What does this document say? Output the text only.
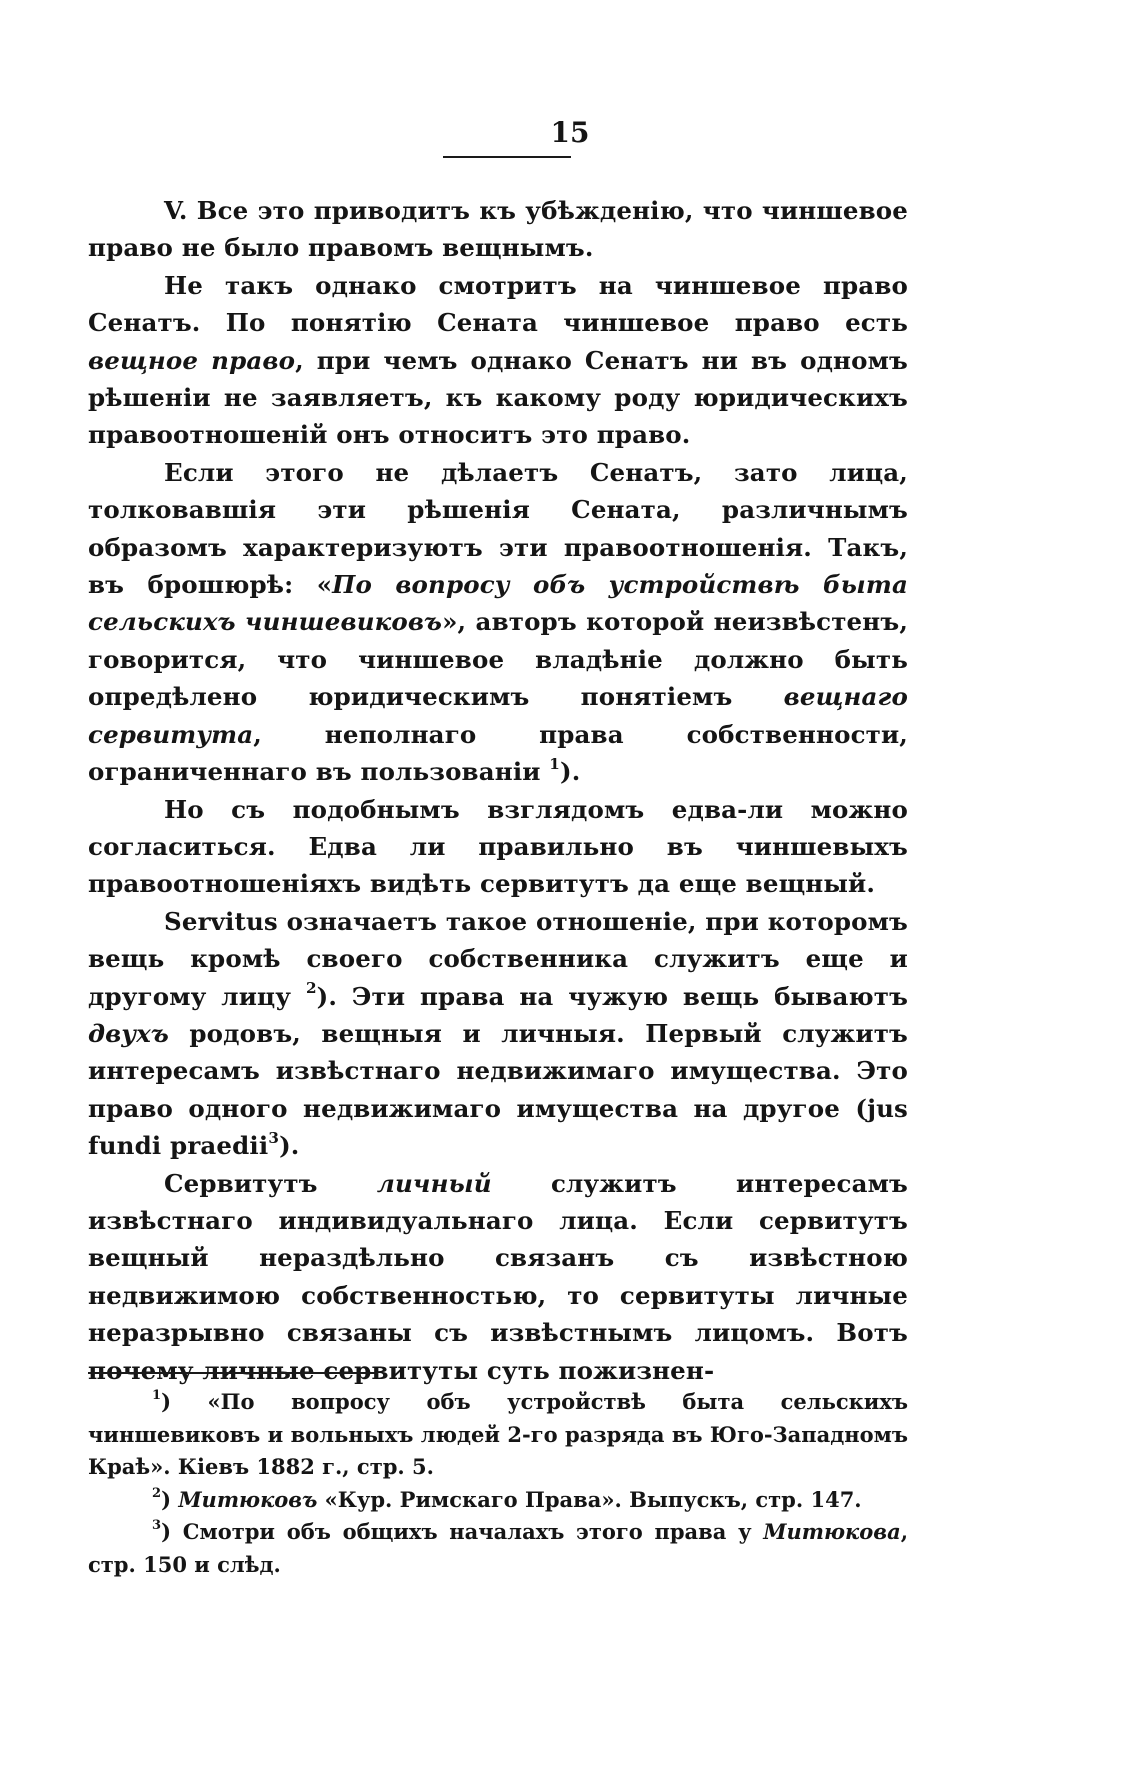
15

V. Все это приводитъ къ убѣжденію, что чиншевое право не было правомъ вещнымъ.

Не такъ однако смотритъ на чиншевое право Сенатъ. По понятію Сената чиншевое право есть вещное право, при чемъ однако Сенатъ ни въ одномъ рѣшеніи не заявляетъ, къ какому роду юридическихъ правоотношеній онъ относитъ это право.

Если этого не дѣлаетъ Сенатъ, зато лица, толковавшія эти рѣшенія Сената, различнымъ образомъ характеризуютъ эти правоотношенія. Такъ, въ брошюрѣ: «По вопросу объ устройствѣ быта сельскихъ чиншевиковъ», авторъ которой неизвѣстенъ, говорится, что чиншевое владѣніе должно быть опредѣлено юридическимъ понятіемъ вещнаго сервитута, неполнаго права собственности, ограниченнаго въ пользованіи $^1$).

Но съ подобнымъ взглядомъ едва-ли можно согласиться. Едва ли правильно въ чиншевыхъ правоотношеніяхъ видѣть сервитутъ да еще вещный.

Servitus означаетъ такое отношеніе, при которомъ вещь кромѣ своего собственника служитъ еще и другому лицу $^2$). Эти права на чужую вещь бываютъ двухъ родовъ, вещныя и личныя. Первый служитъ интересамъ извѣстнаго недвижимаго имущества. Это право одного недвижимаго имущества на другое (jus fundi praedii$^3$).

Сервитутъ личный служитъ интересамъ извѣстнаго индивидуальнаго лица. Если сервитутъ вещный нераздѣльно связанъ съ извѣстною недвижимою собственностью, то сервитуты личные неразрывно связаны съ извѣстнымъ лицомъ. Вотъ почему личные сервитуты суть пожизнен-

$^1$) «По вопросу объ устройствѣ быта сельскихъ чиншевиковъ и вольныхъ людей 2-го разряда въ Юго-Западномъ Краѣ». Кіевъ 1882 г., стр. 5.

$^2$) Митюковъ «Кур. Римскаго Права». Выпускъ, стр. 147.

$^3$) Смотри объ общихъ началахъ этого права у Митюкова, стр. 150 и слѣд.
